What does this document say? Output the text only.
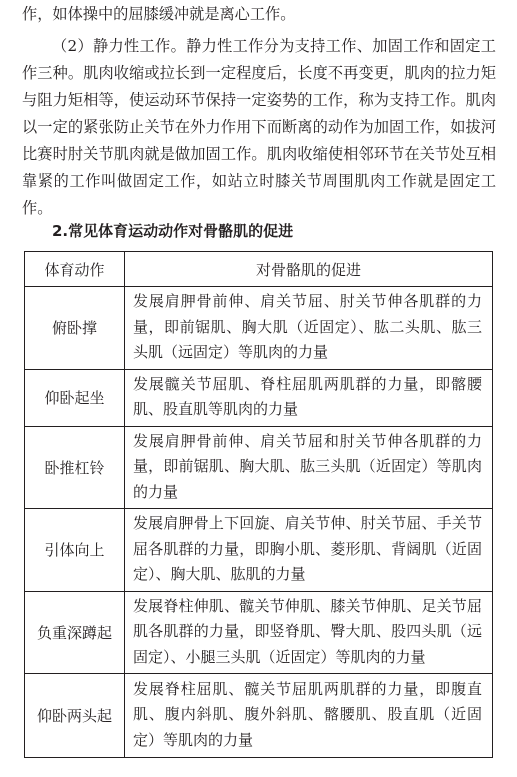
作，如体操中的屈膝缓冲就是离心工作。

（2）静力性工作。静力性工作分为支持工作、加固工作和固定工作三种。肌肉收缩或拉长到一定程度后，长度不再变更，肌肉的拉力矩与阻力矩相等，使运动环节保持一定姿势的工作，称为支持工作。肌肉以一定的紧张防止关节在外力作用下而断离的动作为加固工作，如拔河比赛时肘关节肌肉就是做加固工作。肌肉收缩使相邻环节在关节处互相靠紧的工作叫做固定工作，如站立时膝关节周围肌肉工作就是固定工作。

2.常见体育运动动作对骨骼肌的促进
体育动作	对骨骼肌的促进
俯卧撑	发展肩胛骨前伸、肩关节屈、肘关节伸各肌群的力量，即前锯肌、胸大肌（近固定）、肱二头肌、肱三头肌（远固定）等肌肉的力量
仰卧起坐	发展髋关节屈肌、脊柱屈肌两肌群的力量，即髂腰肌、股直肌等肌肉的力量
卧推杠铃	发展肩胛骨前伸、肩关节屈和肘关节伸各肌群的力量，即前锯肌、胸大肌、肱三头肌（近固定）等肌肉的力量
引体向上	发展肩胛骨上下回旋、肩关节伸、肘关节屈、手关节屈各肌群的力量，即胸小肌、菱形肌、背阔肌（近固定）、胸大肌、肱肌的力量
负重深蹲起	发展脊柱伸肌、髋关节伸肌、膝关节伸肌、足关节屈肌各肌群的力量，即竖脊肌、臀大肌、股四头肌（远固定）、小腿三头肌（近固定）等肌肉的力量
仰卧两头起	发展脊柱屈肌、髋关节屈肌两肌群的力量，即腹直肌、腹内斜肌、腹外斜肌、髂腰肌、股直肌（近固定）等肌肉的力量
